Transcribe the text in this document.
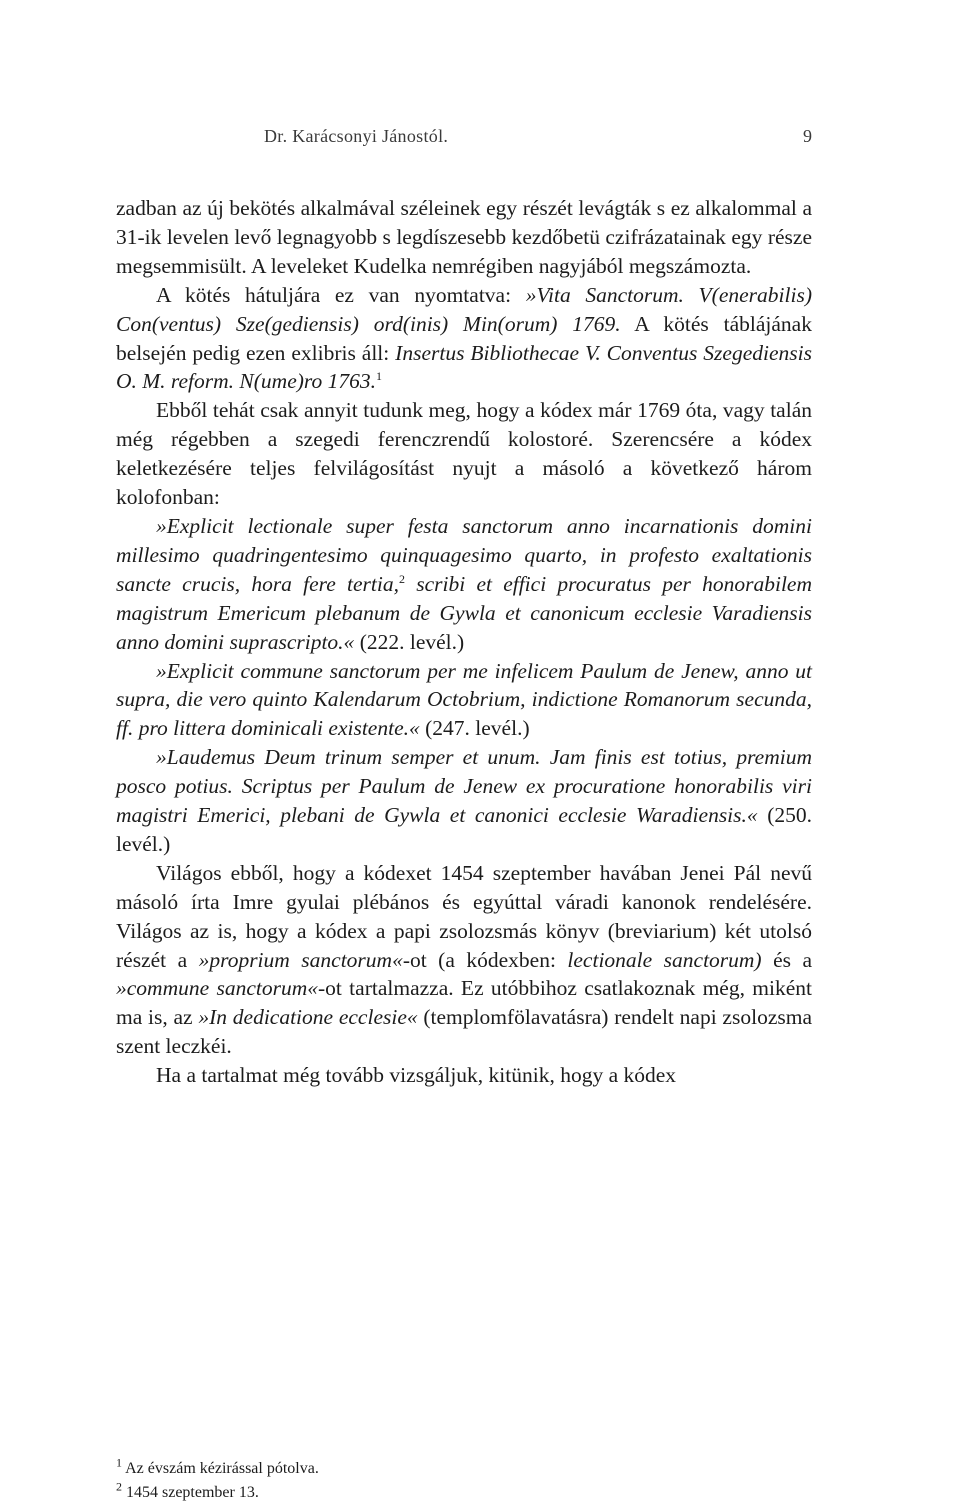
Dr. Karácsonyi Jánostól.	9

zadban az új bekötés alkalmával széleinek egy részét levágták s ez alkalommal a 31-ik levelen levő legnagyobb s legdíszesebb kezdőbetü czifrázatainak egy része megsemmisült. A leveleket Kudelka nemrégiben nagyjából megszámozta.

A kötés hátuljára ez van nyomtatva: »Vita Sanctorum. V(enerabilis) Con(ventus) Sze(gediensis) ord(inis) Min(orum) 1769. A kötés táblájának belsején pedig ezen exlibris áll: Insertus Bibliothecae V. Conventus Szegediensis O. M. reform. N(ume)ro 1763.$^1$

Ebből tehát csak annyit tudunk meg, hogy a kódex már 1769 óta, vagy talán még régebben a szegedi ferenczrendű kolostoré. Szerencsére a kódex keletkezésére teljes felvilágosítást nyujt a másoló a következő három kolofonban:

»Explicit lectionale super festa sanctorum anno incarnationis domini millesimo quadringentesimo quinquagesimo quarto, in profesto exaltationis sancte crucis, hora fere tertia,$^2$ scribi et effici procuratus per honorabilem magistrum Emericum plebanum de Gywla et canonicum ecclesie Varadiensis anno domini suprascripto.« (222. levél.)

»Explicit commune sanctorum per me infelicem Paulum de Jenew, anno ut supra, die vero quinto Kalendarum Octobrium, indictione Romanorum secunda, ff. pro littera dominicali existente.« (247. levél.)

»Laudemus Deum trinum semper et unum. Jam finis est totius, premium posco potius. Scriptus per Paulum de Jenew ex procuratione honorabilis viri magistri Emerici, plebani de Gywla et canonici ecclesie Waradiensis.« (250. levél.)

Világos ebből, hogy a kódexet 1454 szeptember havában Jenei Pál nevű másoló írta Imre gyulai plébános és egyúttal váradi kanonok rendelésére. Világos az is, hogy a kódex a papi zsolozsmás könyv (breviarium) két utolsó részét a »proprium sanctorum«-ot (a kódexben: lectionale sanctorum) és a »commune sanctorum«-ot tartalmazza. Ez utóbbihoz csatlakoznak még, miként ma is, az »In dedicatione ecclesie« (templomfölavatásra) rendelt napi zsolozsma szent leczkéi.

Ha a tartalmat még tovább vizsgáljuk, kitünik, hogy a kódex

$^1$ Az évszám kézirással pótolva.
$^2$ 1454 szeptember 13.
